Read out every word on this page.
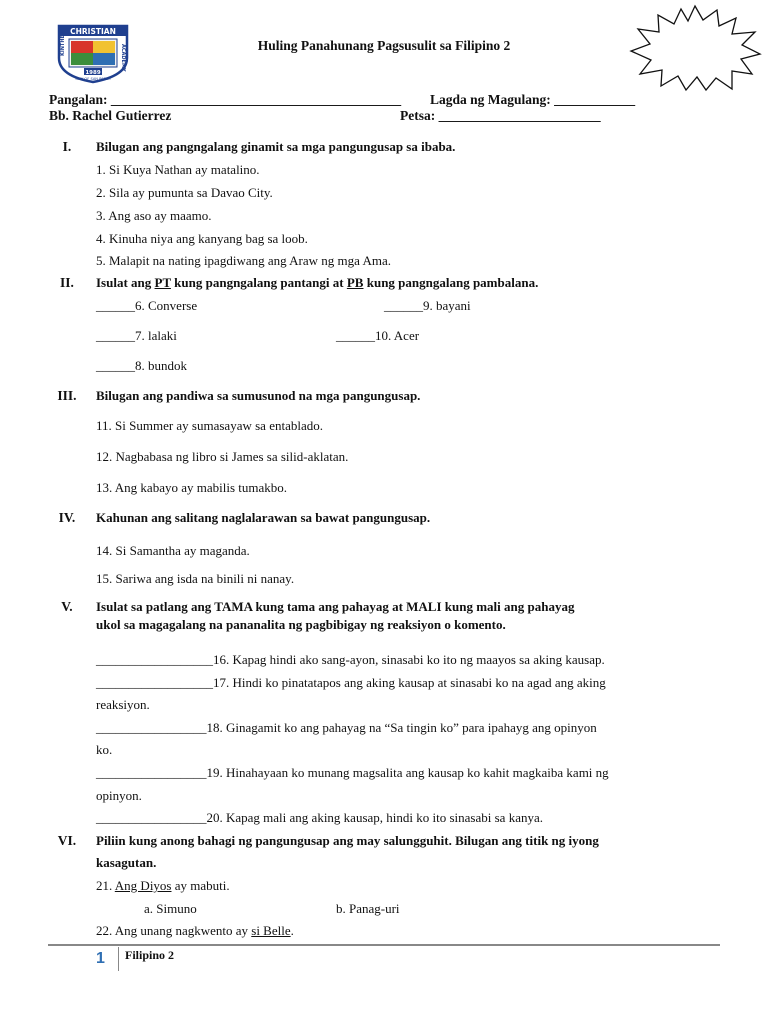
CHRISTIAN
KINTHER
ACADEMY
1989
CITY OF SAN PABLO
Huling Panahunang Pagsusulit sa Filipino 2
Pangalan: ___________________________________________ Lagda ng Magulang: ____________
Bb. Rachel Gutierrez	Petsa: ________________________
I.	Bilugan ang pangngalang ginamit sa mga pangungusap sa ibaba.
1. Si Kuya Nathan ay matalino.
2. Sila ay pumunta sa Davao City.
3. Ang aso ay maamo.
4. Kinuha niya ang kanyang bag sa loob.
5. Malapit na nating ipagdiwang ang Araw ng mga Ama.
II.	Isulat ang PT kung pangngalang pantangi at PB kung pangngalang pambalana.
______6. Converse	______9. bayani
______7. lalaki	______10. Acer
______8. bundok
III.	Bilugan ang pandiwa sa sumusunod na mga pangungusap.
11. Si Summer ay sumasayaw sa entablado.
12. Nagbabasa ng libro si James sa silid-aklatan.
13. Ang kabayo ay mabilis tumakbo.
IV.	Kahunan ang salitang naglalarawan sa bawat pangungusap.
14. Si Samantha ay maganda.
15. Sariwa ang isda na binili ni nanay.
V.	Isulat sa patlang ang TAMA kung tama ang pahayag at MALI kung mali ang pahayag
ukol sa magagalang na pananalita ng pagbibigay ng reaksiyon o komento.
__________________16. Kapag hindi ako sang-ayon, sinasabi ko ito ng maayos sa aking kausap.
__________________17. Hindi ko pinatatapos ang aking kausap at sinasabi ko na agad ang aking
reaksiyon.
_________________18. Ginagamit ko ang pahayag na “Sa tingin ko” para ipahayg ang opinyon
ko.
_________________19. Hinahayaan ko munang magsalita ang kausap ko kahit magkaiba kami ng
opinyon.
_________________20. Kapag mali ang aking kausap, hindi ko ito sinasabi sa kanya.
VI.	Piliin kung anong bahagi ng pangungusap ang may salungguhit. Bilugan ang titik ng iyong
kasagutan.
21. Ang Diyos ay mabuti.
a. Simuno	b. Panag-uri
22. Ang unang nagkwento ay si Belle.
1 Filipino 2
